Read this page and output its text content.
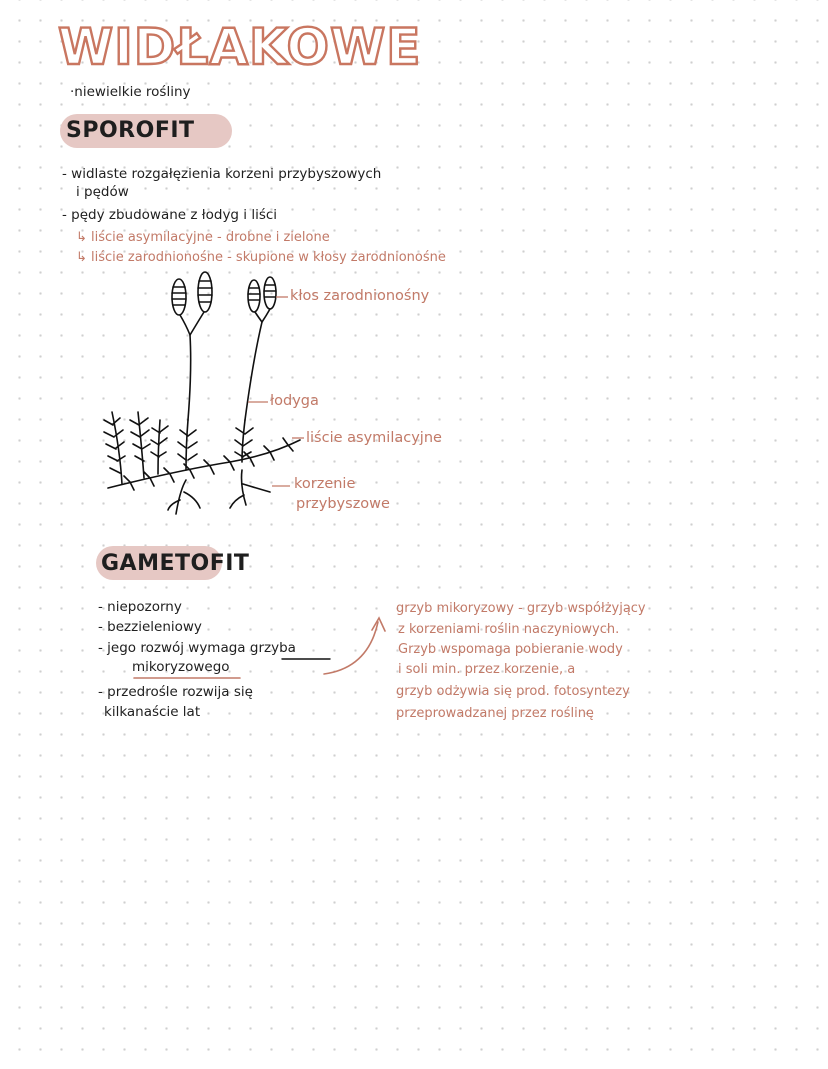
WIDŁAKOWE
·niewielkie rośliny
SPOROFIT
- widlaste rozgałęzienia korzeni przybyszowych
i pędów
- pędy zbudowane z łodyg i liści
↳ liście asymilacyjne - drobne i zielone
↳ liście zarodnionośne - skupione w kłosy zarodnionośne
kłos zarodnionośny
łodyga
liście asymilacyjne
korzenie
przybyszowe
GAMETOFIT
- niepozorny
- bezzieleniowy
- jego rozwój wymaga grzyba
mikoryzowego
- przedrośle rozwija się
kilkanaście lat
grzyb mikoryzowy - grzyb współżyjący
z korzeniami roślin naczyniowych.
Grzyb wspomaga pobieranie wody
i soli min. przez korzenie, a
grzyb odżywia się prod. fotosyntezy
przeprowadzanej przez roślinę
